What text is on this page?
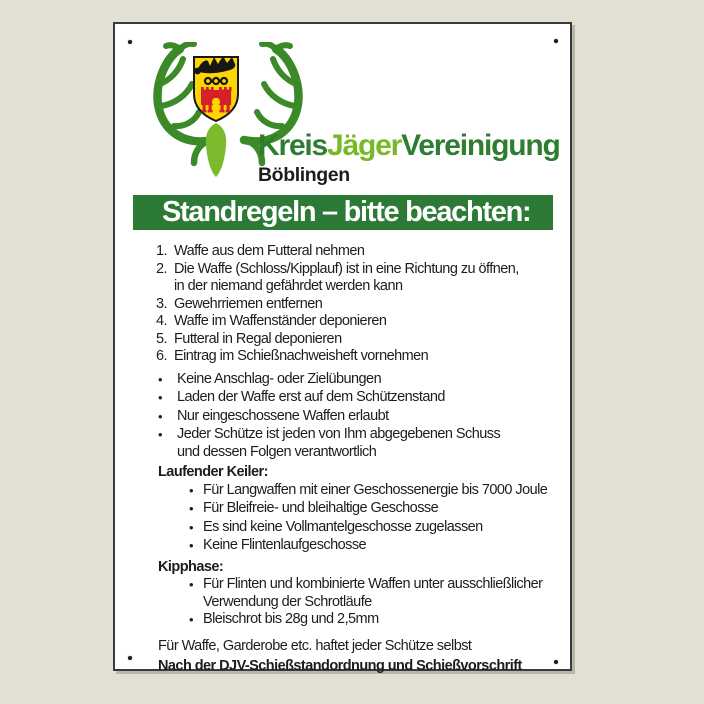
KreisJägerVereinigung
Böblingen
Standregeln – bitte beachten:
1. Waffe aus dem Futteral nehmen
2. Die Waffe (Schloss/Kipplauf) ist in eine Richtung zu öffnen,
in der niemand gefährdet werden kann
3. Gewehrriemen entfernen
4. Waffe im Waffenständer deponieren
5. Futteral in Regal deponieren
6. Eintrag im Schießnachweisheft vornehmen
•
Keine Anschlag- oder Zielübungen
•
Laden der Waffe erst auf dem Schützenstand
•
Nur eingeschossene Waffen erlaubt
•
Jeder Schütze ist jeden von Ihm abgegebenen Schuss
und dessen Folgen verantwortlich
Laufender Keiler:
•
Für Langwaffen mit einer Geschossenergie bis 7000 Joule
•
Für Bleifreie- und bleihaltige Geschosse
•
Es sind keine Vollmantelgeschosse zugelassen
•
Keine Flintenlaufgeschosse
Kipphase:
•
Für Flinten und kombinierte Waffen unter ausschließlicher
Verwendung der Schrotläufe
•
Bleischrot bis 28g und 2,5mm
Für Waffe, Garderobe etc. haftet jeder Schütze selbst
Nach der DJV-Schießstandordnung und Schießvorschrift
